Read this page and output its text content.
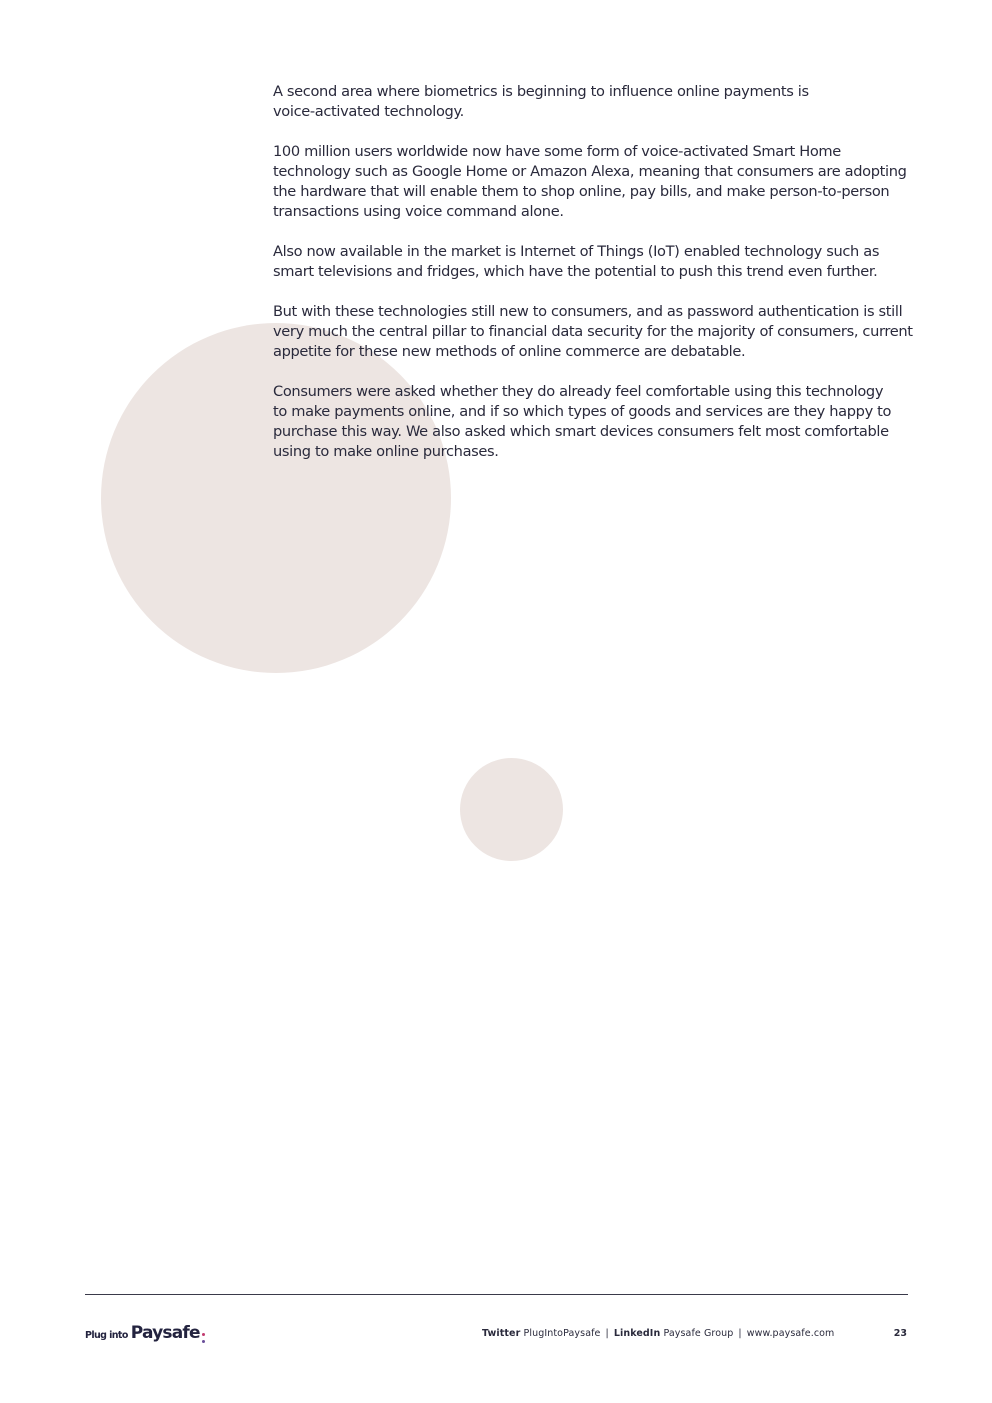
A second area where biometrics is beginning to influence online payments is
voice-activated technology.

100 million users worldwide now have some form of voice-activated Smart Home
technology such as Google Home or Amazon Alexa, meaning that consumers are adopting
the hardware that will enable them to shop online, pay bills, and make person-to-person
transactions using voice command alone.

Also now available in the market is Internet of Things (IoT) enabled technology such as
smart televisions and fridges, which have the potential to push this trend even further.

But with these technologies still new to consumers, and as password authentication is still
very much the central pillar to financial data security for the majority of consumers, current
appetite for these new methods of online commerce are debatable.

Consumers were asked whether they do already feel comfortable using this technology
to make payments online, and if so which types of goods and services are they happy to
purchase this way. We also asked which smart devices consumers felt most comfortable
using to make online purchases.

Plug into Paysafe	Twitter PlugIntoPaysafe | LinkedIn Paysafe Group | www.paysafe.com	23
